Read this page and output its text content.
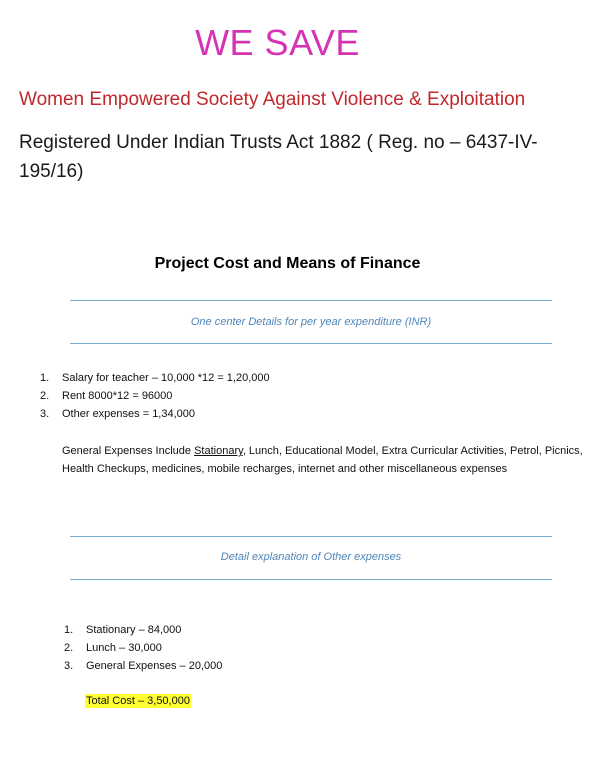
WE SAVE
Women Empowered Society Against Violence & Exploitation
Registered Under Indian Trusts Act 1882 ( Reg. no – 6437-IV-195/16)
Project Cost and Means of Finance
One center Details for per year expenditure (INR)
1. Salary for teacher – 10,000 *12 = 1,20,000
2. Rent 8000*12 = 96000
3. Other expenses = 1,34,000
General Expenses Include Stationary, Lunch, Educational Model, Extra Curricular Activities, Petrol, Picnics, Health Checkups, medicines, mobile recharges, internet and other miscellaneous expenses
Detail explanation of Other expenses
1. Stationary – 84,000
2. Lunch – 30,000
3. General Expenses – 20,000
Total Cost – 3,50,000
